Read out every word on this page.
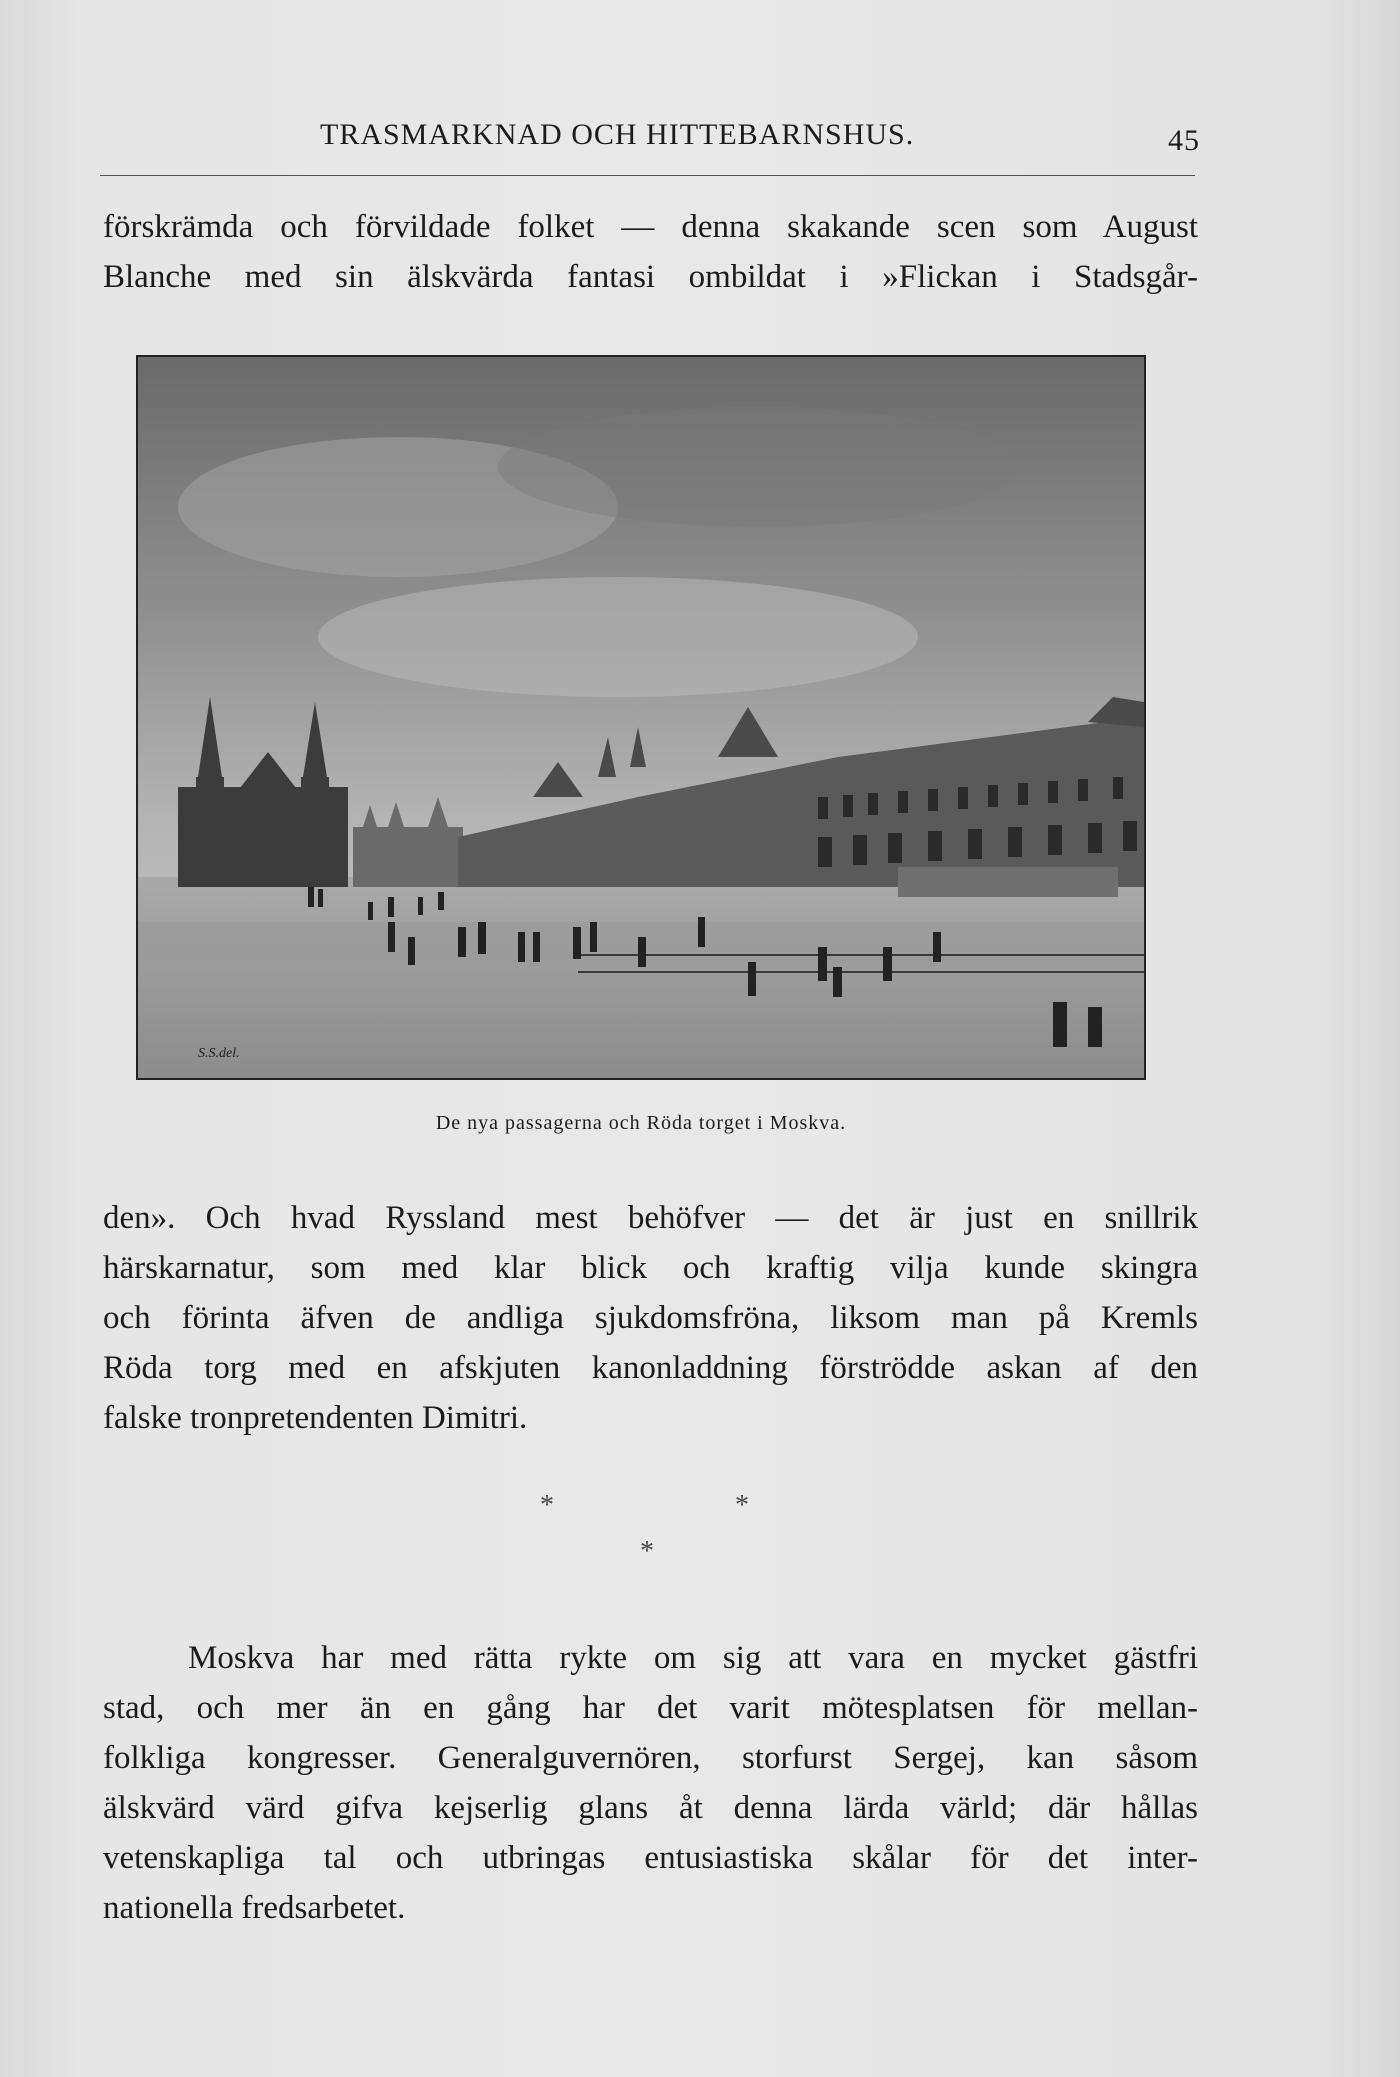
TRASMARKNAD OCH HITTEBARNSHUS.	45
förskrämda och förvildade folket — denna skakande scen som August
Blanche med sin älskvärda fantasi ombildat i »Flickan i Stadsgår-
S.S.del.
De nya passagerna och Röda torget i Moskva.
den». Och hvad Ryssland mest behöfver — det är just en snillrik
härskarnatur, som med klar blick och kraftig vilja kunde skingra
och förinta äfven de andliga sjukdomsfröna, liksom man på Kremls
Röda torg med en afskjuten kanonladdning förströdde askan af den
falske tronpretendenten Dimitri.
*	*
*
Moskva har med rätta rykte om sig att vara en mycket gästfri
stad, och mer än en gång har det varit mötesplatsen för mellan-
folkliga kongresser. Generalguvernören, storfurst Sergej, kan såsom
älskvärd värd gifva kejserlig glans åt denna lärda värld; där hållas
vetenskapliga tal och utbringas entusiastiska skålar för det inter-
nationella fredsarbetet.
